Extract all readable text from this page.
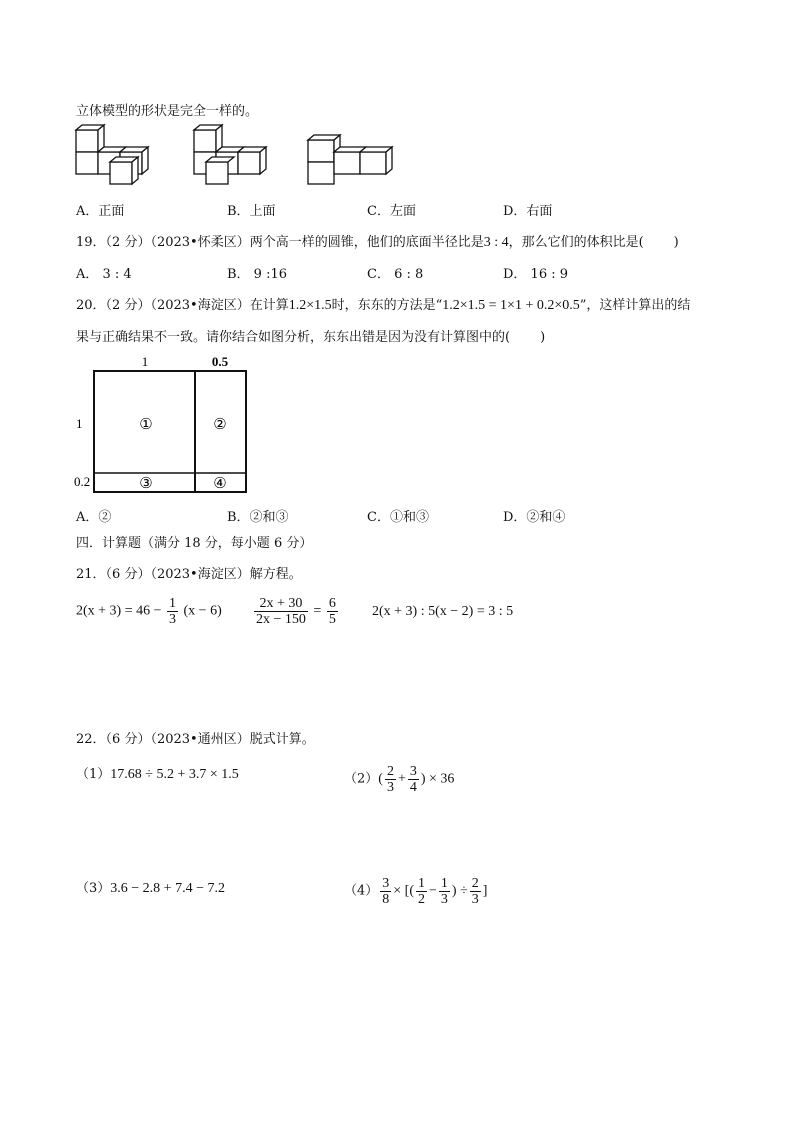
立体模型的形状是完全一样的。
A．正面	B．上面	C．左面	D．右面
19．（2 分）（2023•怀柔区）两个高一样的圆锥，他们的底面半径比是3 : 4，那么它们的体积比是( )
A． 3 : 4	B． 9 :16	C． 6 : 8	D． 16 : 9
20．（2 分）（2023•海淀区）在计算1.2×1.5时，东东的方法是“1.2×1.5 = 1×1 + 0.2×0.5”，这样计算出的结
果与正确结果不一致。请你结合如图分析，东东出错是因为没有计算图中的( )
1	0.5
1
0.2
①	②
③	④
A．②	B．②和③	C．①和③	D．②和④
四．计算题（满分 18 分，每小题 6 分）
21．（6 分）（2023•海淀区）解方程。
$2(x + 3) = 46 - \frac{1}{3} (x - 6) \frac{2x + 30}{2x - 150} = \frac{6}{5} 2(x + 3)$ : 5(x − 2) = 3 : 5
22．（6 分）（2023•通州区）脱式计算。
（1）17.68 ÷ 5.2 + 3.7 × 1.5	$(2)( \frac{2}{3} + \frac{3}{4}$ ) × 36
（3）3.6 − 2.8 + 7.4 − 7.2	$(4) \frac{3}{8}$ × [( $\frac{1}{2} - \frac{1}{3}$ ) ÷ $\frac{2}{3}$ ]
